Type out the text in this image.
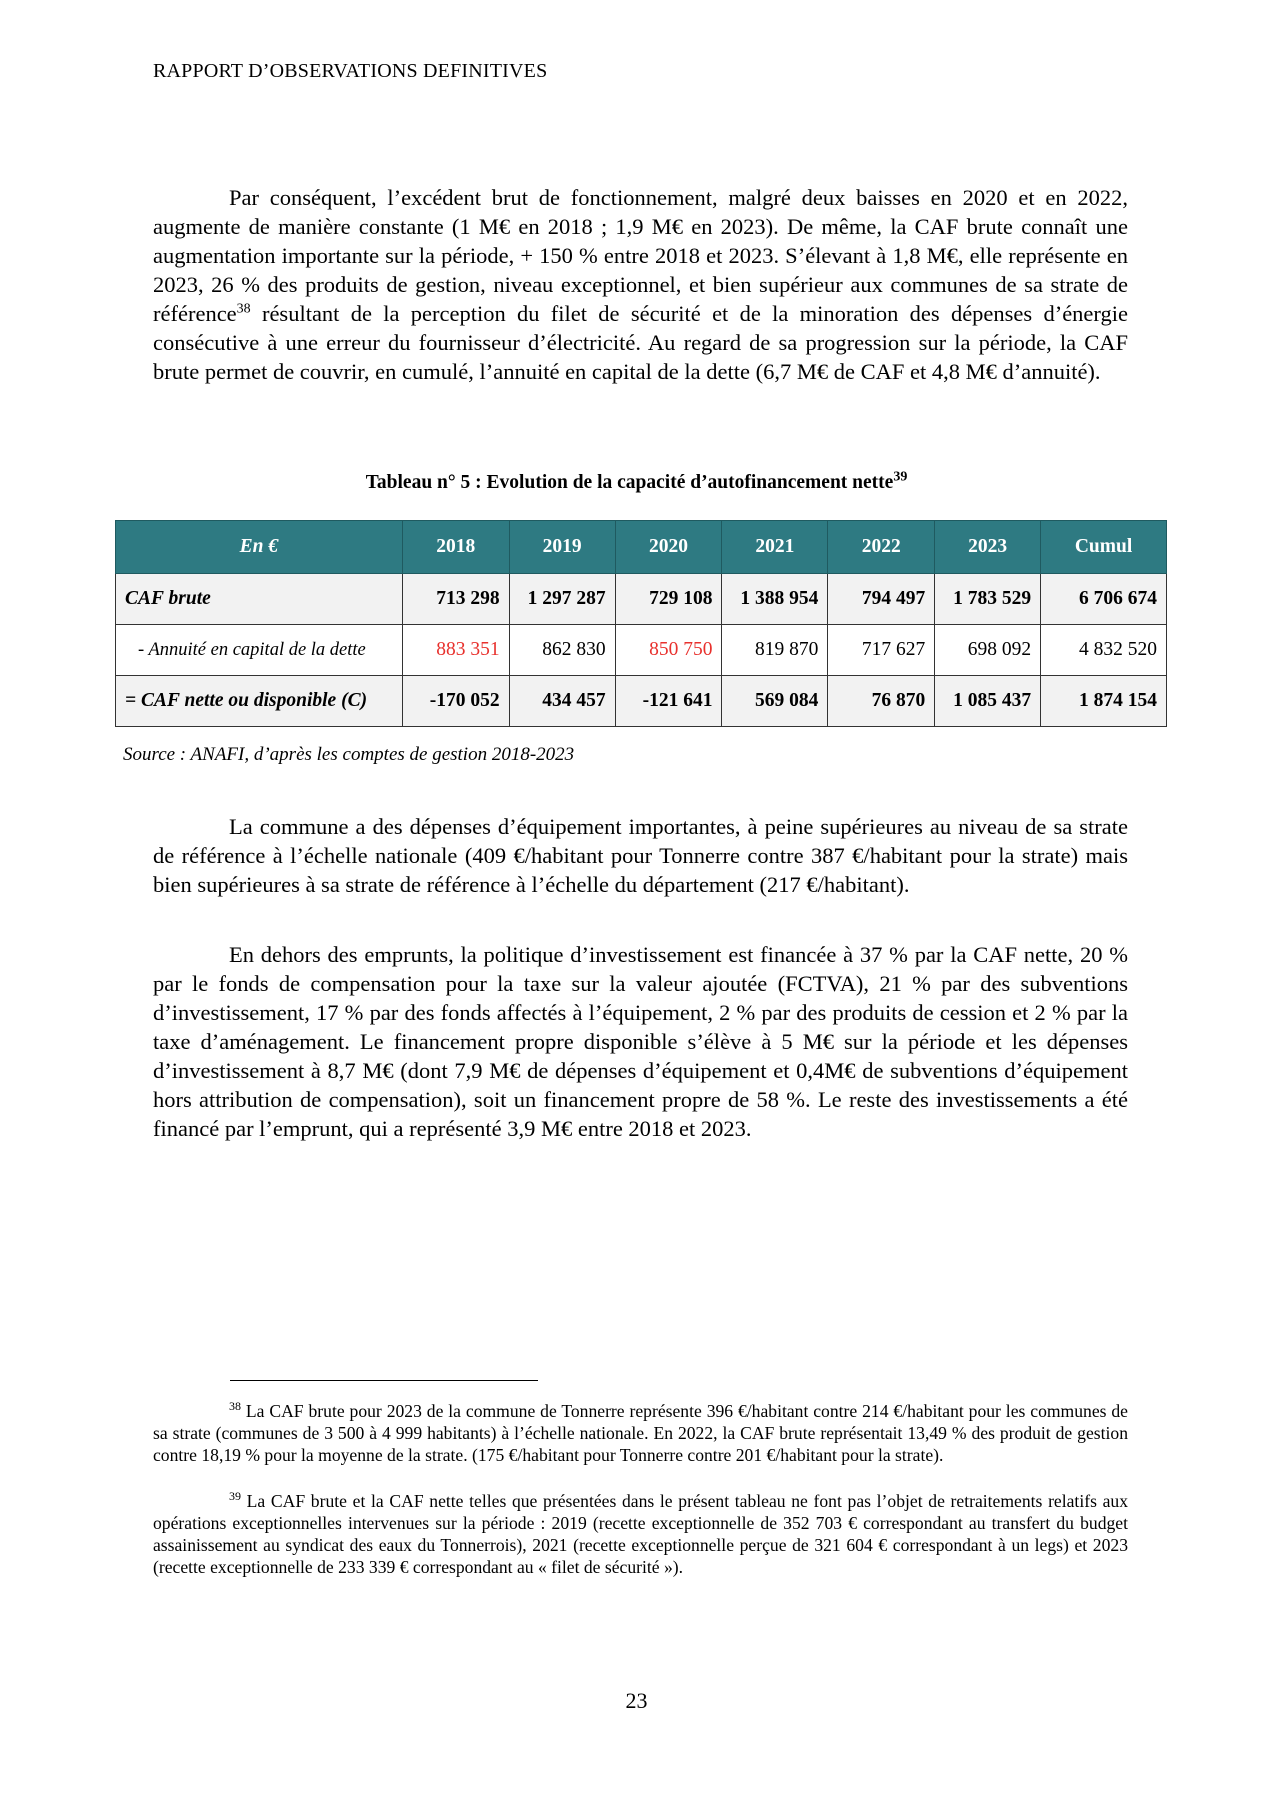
RAPPORT D’OBSERVATIONS DEFINITIVES

Par conséquent, l’excédent brut de fonctionnement, malgré deux baisses en 2020 et en 2022, augmente de manière constante (1 M€ en 2018 ; 1,9 M€ en 2023). De même, la CAF brute connaît une augmentation importante sur la période, + 150 % entre 2018 et 2023. S’élevant à 1,8 M€, elle représente en 2023, 26 % des produits de gestion, niveau exceptionnel, et bien supérieur aux communes de sa strate de référence$^{38}$ résultant de la perception du filet de sécurité et de la minoration des dépenses d’énergie consécutive à une erreur du fournisseur d’électricité. Au regard de sa progression sur la période, la CAF brute permet de couvrir, en cumulé, l’annuité en capital de la dette (6,7 M€ de CAF et 4,8 M€ d’annuité).

Tableau n° 5 : Evolution de la capacité d’autofinancement nette$^{39}$
En €	2018	2019	2020	2021	2022	2023	Cumul
CAF brute	713 298	1 297 287	729 108	1 388 954	794 497	1 783 529	6 706 674
- Annuité en capital de la dette	883 351	862 830	850 750	819 870	717 627	698 092	4 832 520
= CAF nette ou disponible (C)	-170 052	434 457	-121 641	569 084	76 870	1 085 437	1 874 154
Source : ANAFI, d’après les comptes de gestion 2018-2023

La commune a des dépenses d’équipement importantes, à peine supérieures au niveau de sa strate de référence à l’échelle nationale (409 €/habitant pour Tonnerre contre 387 €/habitant pour la strate) mais bien supérieures à sa strate de référence à l’échelle du département (217 €/habitant).

En dehors des emprunts, la politique d’investissement est financée à 37 % par la CAF nette, 20 % par le fonds de compensation pour la taxe sur la valeur ajoutée (FCTVA), 21 % par des subventions d’investissement, 17 % par des fonds affectés à l’équipement, 2 % par des produits de cession et 2 % par la taxe d’aménagement. Le financement propre disponible s’élève à 5 M€ sur la période et les dépenses d’investissement à 8,7 M€ (dont 7,9 M€ de dépenses d’équipement et 0,4M€ de subventions d’équipement hors attribution de compensation), soit un financement propre de 58 %. Le reste des investissements a été financé par l’emprunt, qui a représenté 3,9 M€ entre 2018 et 2023.

$^{38}$ La CAF brute pour 2023 de la commune de Tonnerre représente 396 €/habitant contre 214 €/habitant pour les communes de sa strate (communes de 3 500 à 4 999 habitants) à l’échelle nationale. En 2022, la CAF brute représentait 13,49 % des produit de gestion contre 18,19 % pour la moyenne de la strate. (175 €/habitant pour Tonnerre contre 201 €/habitant pour la strate).

$^{39}$ La CAF brute et la CAF nette telles que présentées dans le présent tableau ne font pas l’objet de retraitements relatifs aux opérations exceptionnelles intervenues sur la période : 2019 (recette exceptionnelle de 352 703 € correspondant au transfert du budget assainissement au syndicat des eaux du Tonnerrois), 2021 (recette exceptionnelle perçue de 321 604 € correspondant à un legs) et 2023 (recette exceptionnelle de 233 339 € correspondant au « filet de sécurité »).

23
